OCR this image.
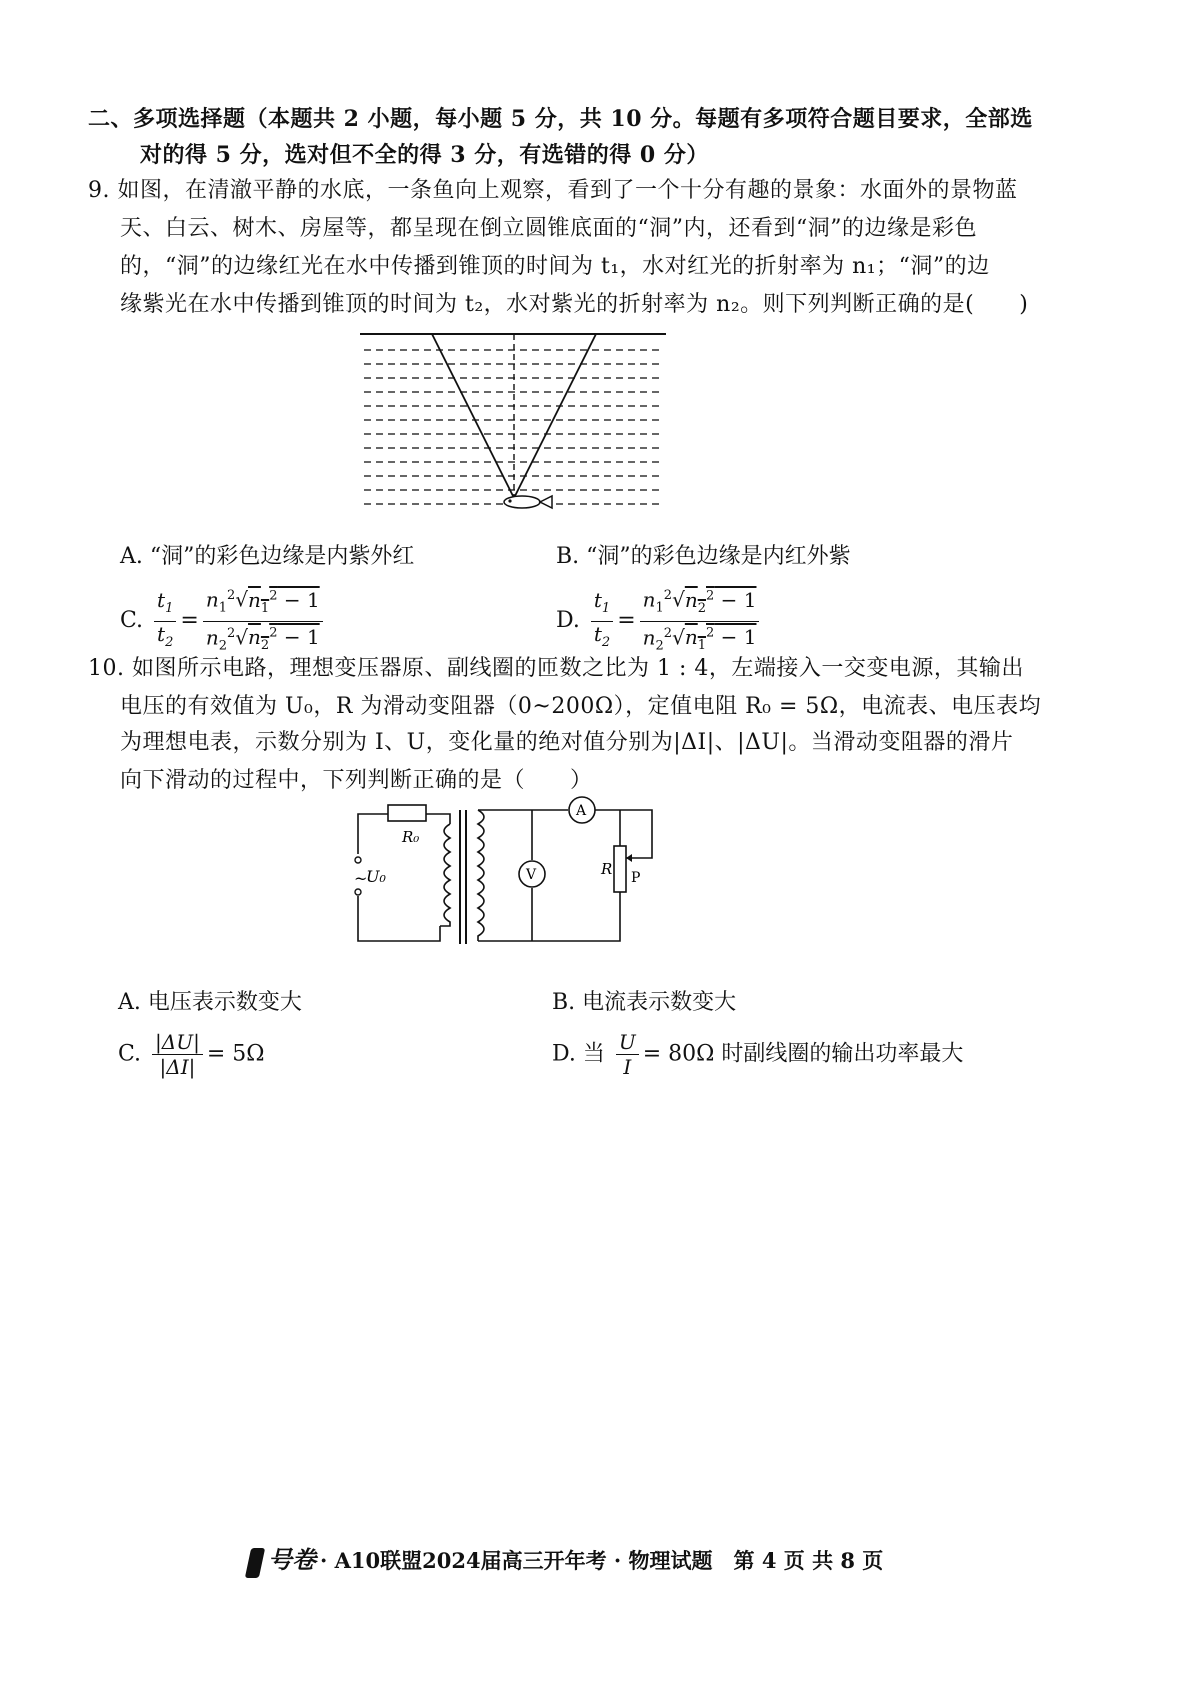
二、多项选择题（本题共 2 小题，每小题 5 分，共 10 分。每题有多项符合题目要求，全部选
对的得 5 分，选对但不全的得 3 分，有选错的得 0 分）
9. 如图，在清澈平静的水底，一条鱼向上观察，看到了一个十分有趣的景象：水面外的景物蓝
天、白云、树木、房屋等，都呈现在倒立圆锥底面的“洞”内，还看到“洞”的边缘是彩色
的，“洞”的边缘红光在水中传播到锥顶的时间为 t₁，水对红光的折射率为 n₁；“洞”的边
缘紫光在水中传播到锥顶的时间为 t₂，水对紫光的折射率为 n₂。则下列判断正确的是(　　)
A. “洞”的彩色边缘是内紫外红	B. “洞”的彩色边缘是内红外紫
C. $\frac{t_1}{t_2} = \frac{n_1^2√n_1^2 - 1}{n_2^2√n_2^2 - 1}$	D. $\frac{t_1}{t_2} = \frac{n_1^2√n_2^2 - 1}{n_2^2√n_1^2 - 1}$
10. 如图所示电路，理想变压器原、副线圈的匝数之比为 1 : 4，左端接入一交变电源，其输出
电压的有效值为 U₀，R 为滑动变阻器（0~200Ω），定值电阻 R₀ = 5Ω，电流表、电压表均
为理想电表，示数分别为 I、U，变化量的绝对值分别为|ΔI|、|ΔU|。当滑动变阻器的滑片
向下滑动的过程中，下列判断正确的是（　　）
R₀
~
U₀
A
R P
V
A. 电压表示数变大	B. 电流表示数变大
C. $\frac{|\Delta U|}{|\Delta I|} = 5\Omega$	D. 当 $\frac{U}{I} = 80\Omega$ 时副线圈的输出功率最大
号卷 · A10联盟2024届高三开年考 · 物理试题　第 4 页 共 8 页
